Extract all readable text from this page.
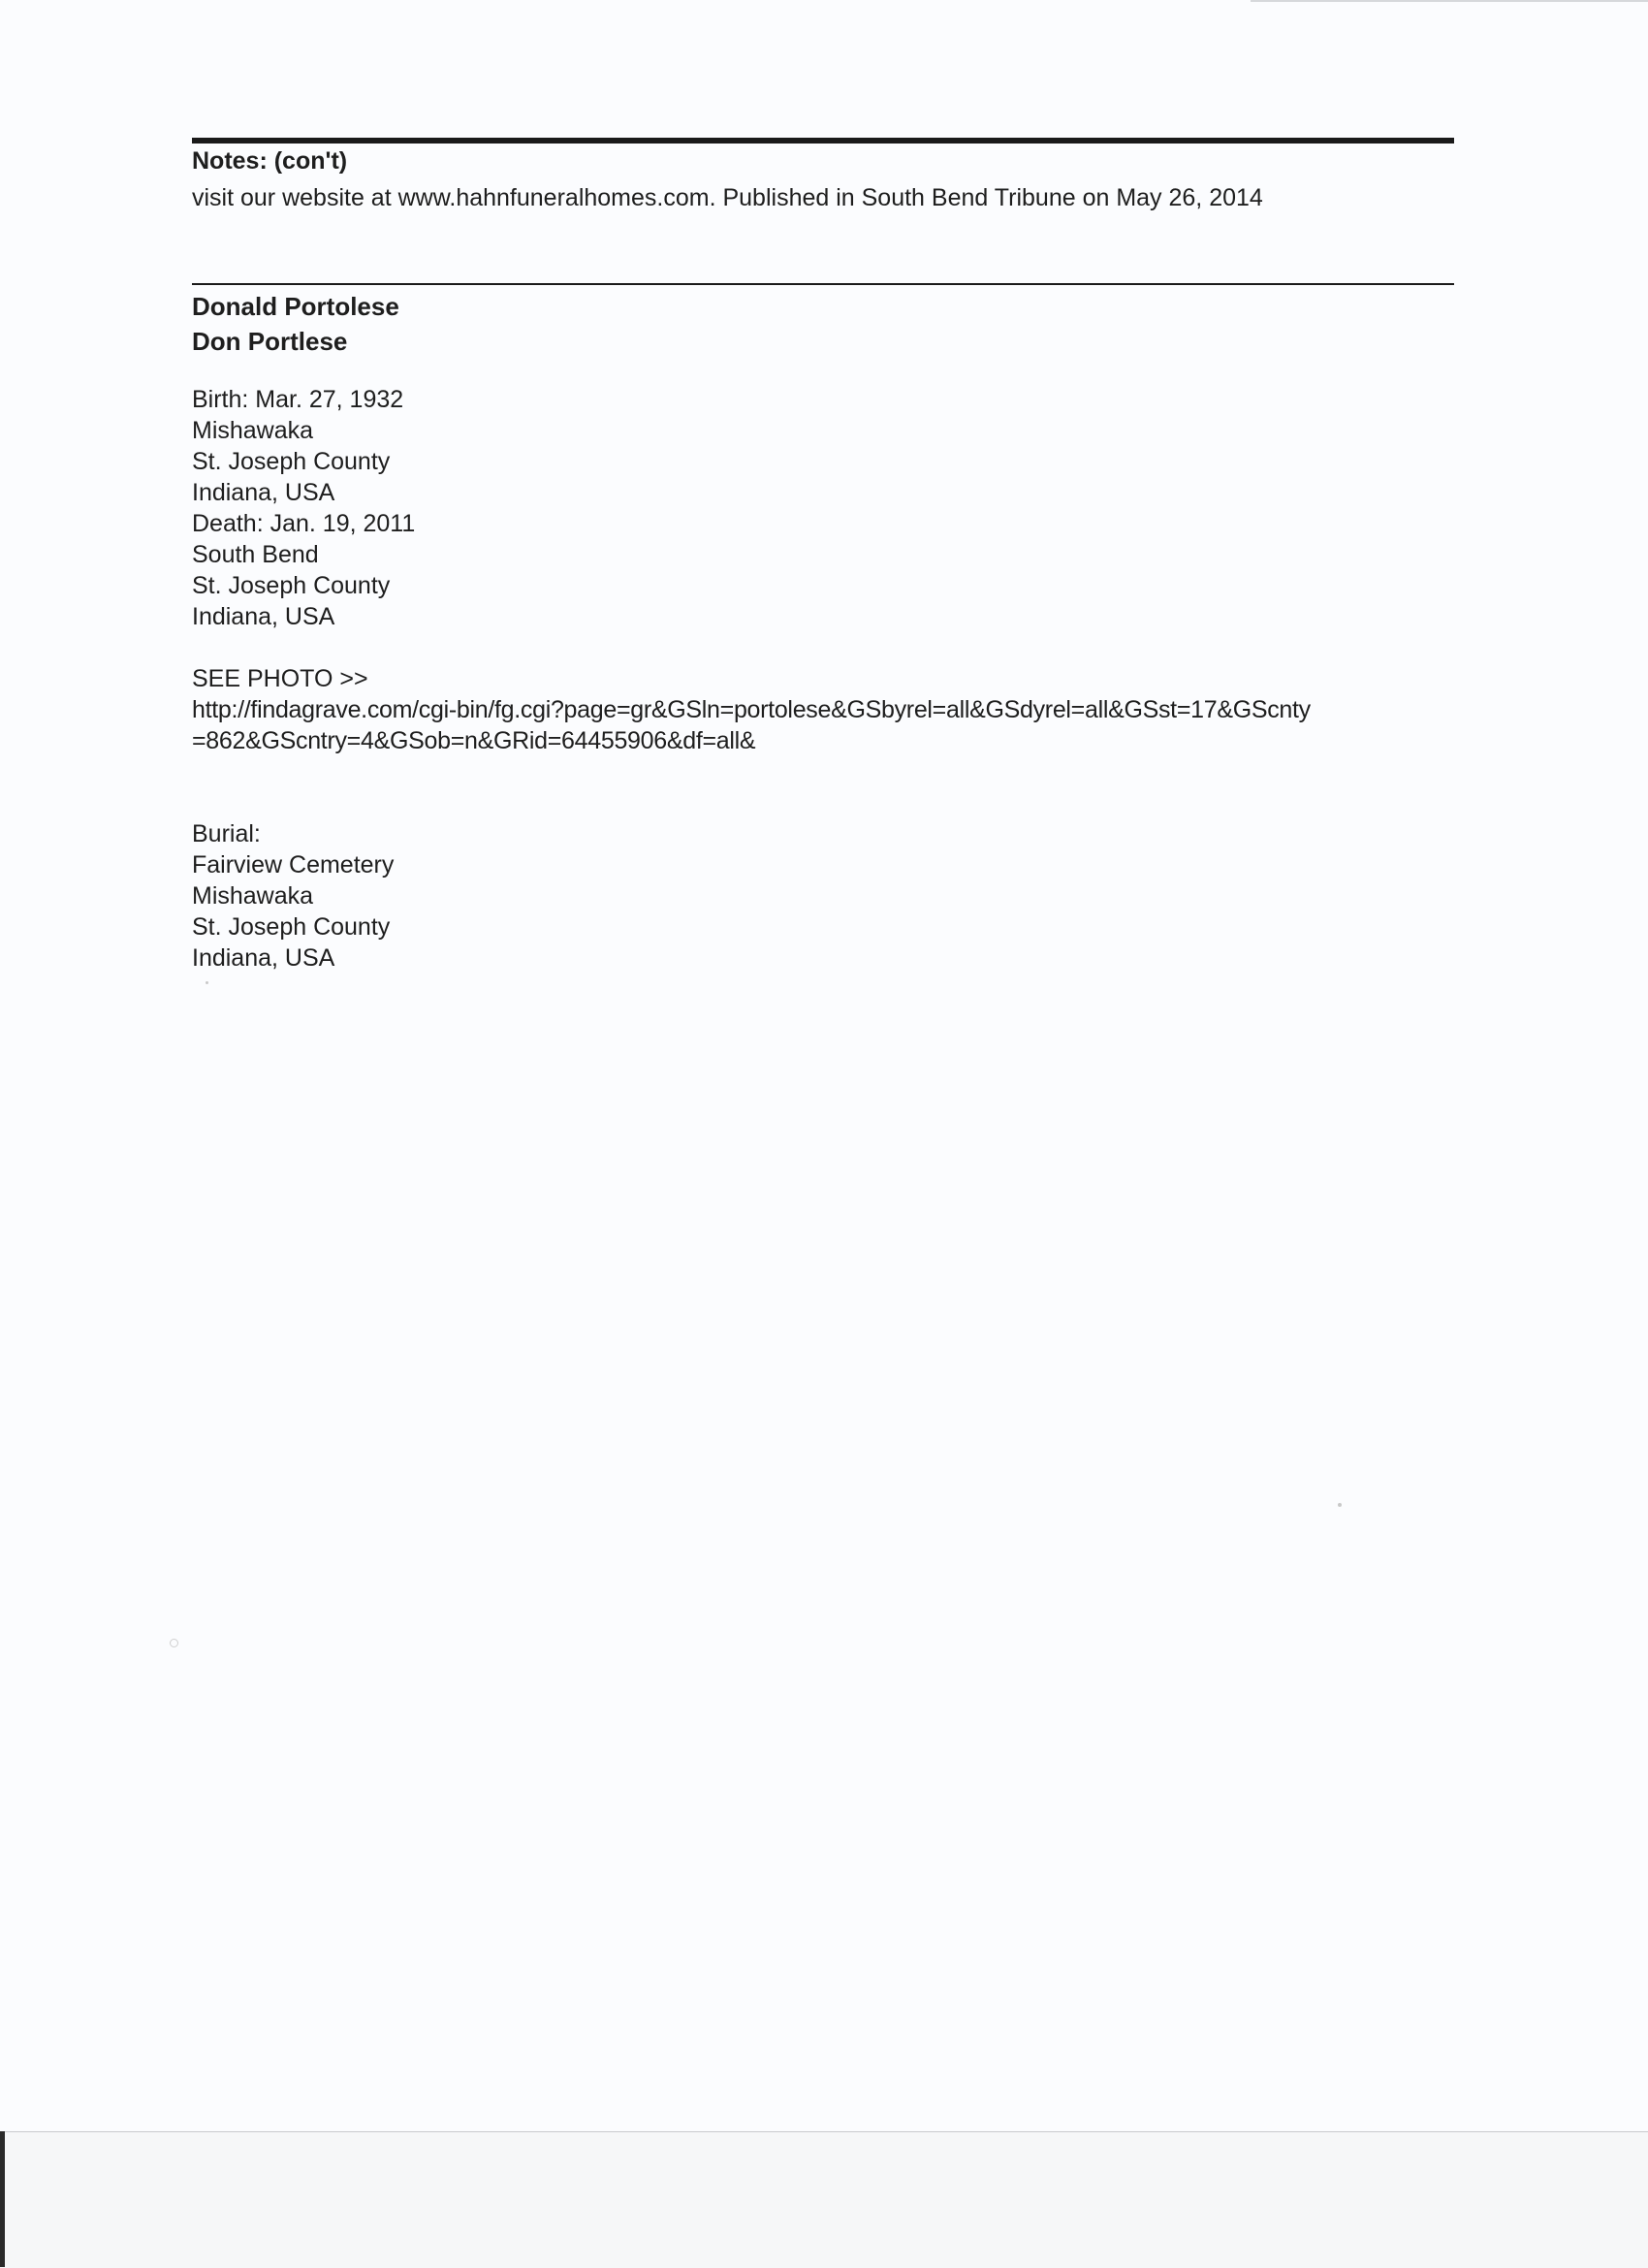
Notes: (con't)
visit our website at www.hahnfuneralhomes.com. Published in South Bend Tribune on May 26, 2014
Donald Portolese
Don Portlese
Birth: Mar. 27, 1932
Mishawaka
St. Joseph County
Indiana, USA
Death: Jan. 19, 2011
South Bend
St. Joseph County
Indiana, USA
SEE PHOTO >>
http://findagrave.com/cgi-bin/fg.cgi?page=gr&GSln=portolese&GSbyrel=all&GSdyrel=all&GSst=17&GScnty
=862&GScntry=4&GSob=n&GRid=64455906&df=all&
Burial:
Fairview Cemetery
Mishawaka
St. Joseph County
Indiana, USA
